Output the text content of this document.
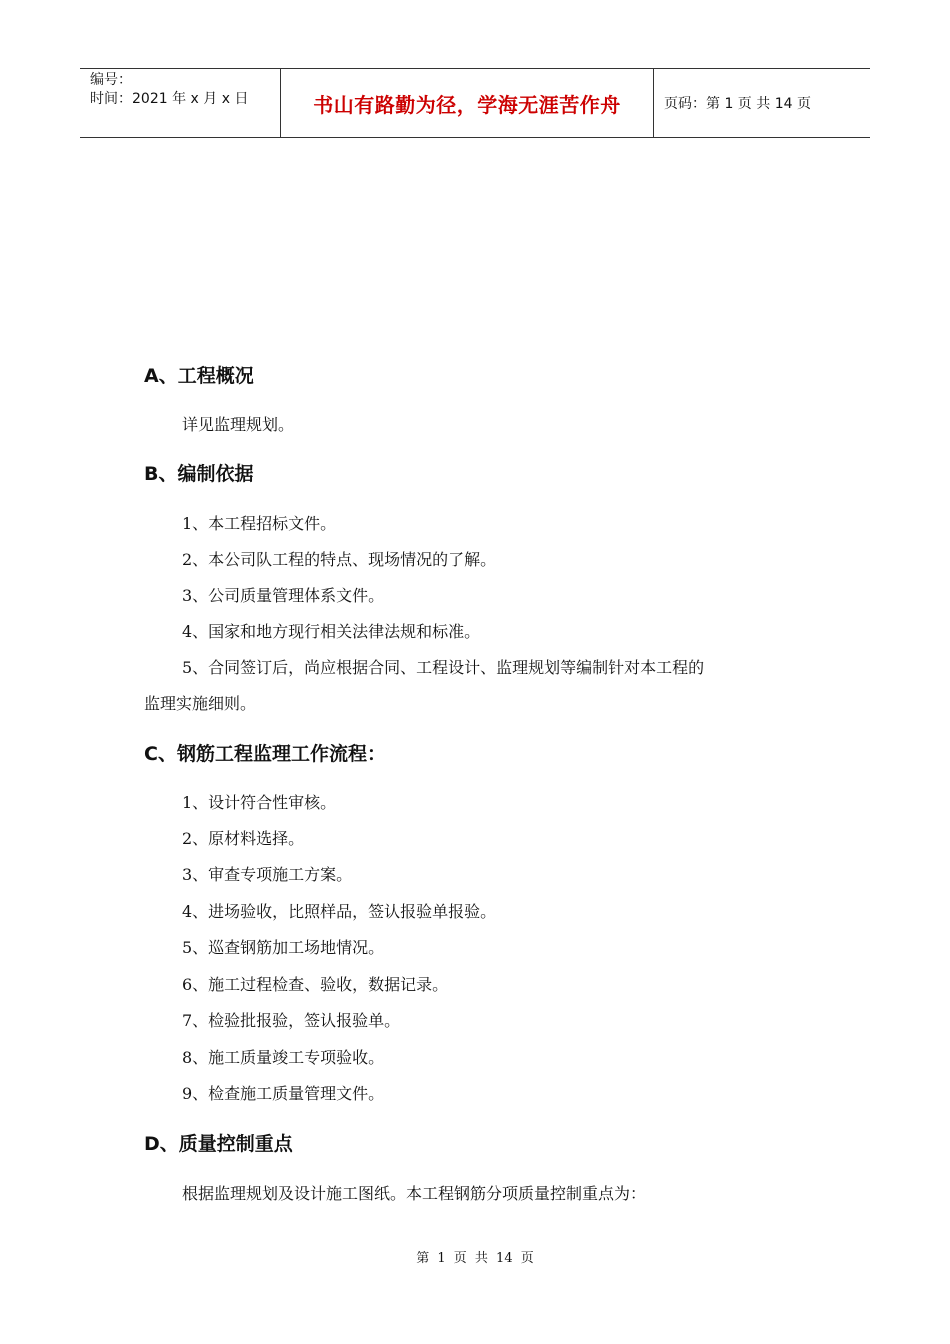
编号：
时间：2021 年 x 月 x 日	书山有路勤为径，学海无涯苦作舟	页码：第 1 页 共 14 页
A、工程概况
详见监理规划。
B、编制依据
1、本工程招标文件。
2、本公司队工程的特点、现场情况的了解。
3、公司质量管理体系文件。
4、国家和地方现行相关法律法规和标准。
5、合同签订后，尚应根据合同、工程设计、监理规划等编制针对本工程的
监理实施细则。
C、钢筋工程监理工作流程：
1、设计符合性审核。
2、原材料选择。
3、审查专项施工方案。
4、进场验收，比照样品，签认报验单报验。
5、巡查钢筋加工场地情况。
6、施工过程检查、验收，数据记录。
7、检验批报验，签认报验单。
8、施工质量竣工专项验收。
9、检查施工质量管理文件。
D、质量控制重点
根据监理规划及设计施工图纸。本工程钢筋分项质量控制重点为：
第 1 页 共 14 页
